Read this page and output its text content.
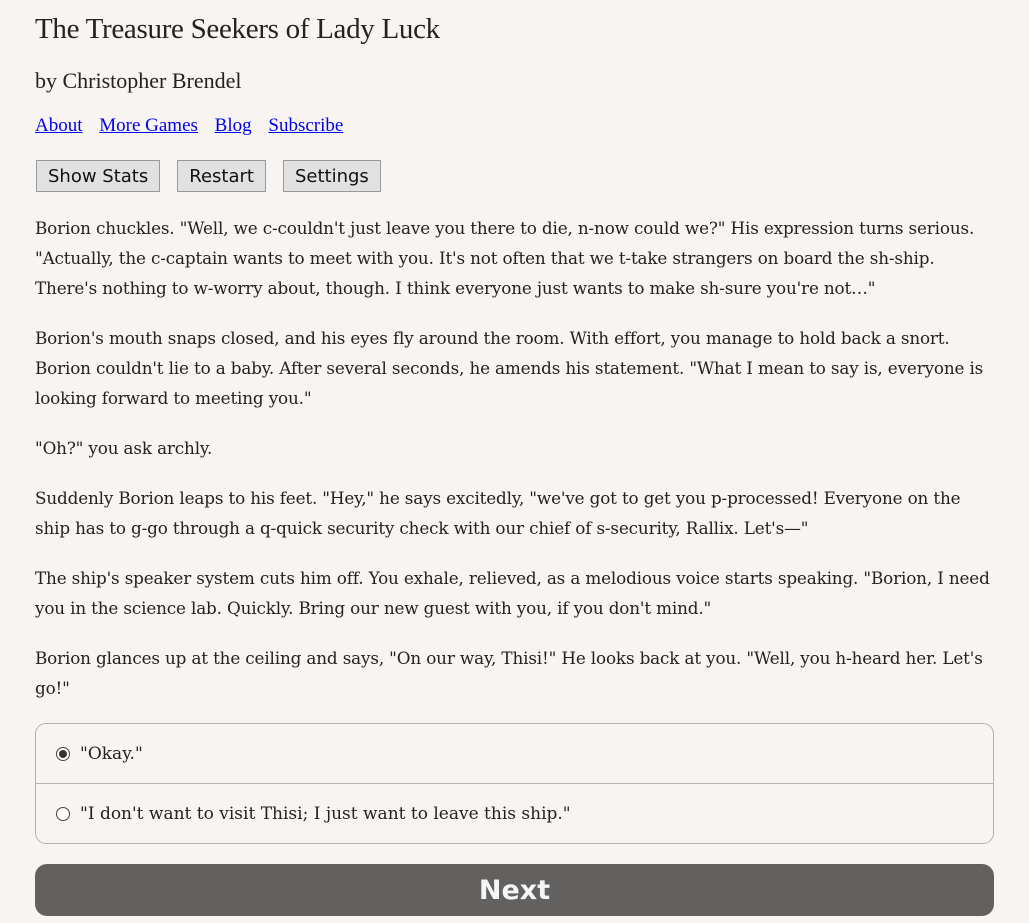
The Treasure Seekers of Lady Luck
by Christopher Brendel
About More Games Blog Subscribe
Show Stats	Restart	Settings

Borion chuckles. "Well, we c-couldn't just leave you there to die, n-now could we?" His expression turns serious. "Actually, the c-captain wants to meet with you. It's not often that we t-take strangers on board the sh-ship. There's nothing to w-worry about, though. I think everyone just wants to make sh-sure you're not…"

Borion's mouth snaps closed, and his eyes fly around the room. With effort, you manage to hold back a snort. Borion couldn't lie to a baby. After several seconds, he amends his statement. "What I mean to say is, everyone is looking forward to meeting you."

"Oh?" you ask archly.

Suddenly Borion leaps to his feet. "Hey," he says excitedly, "we've got to get you p-processed! Everyone on the ship has to g-go through a q-quick security check with our chief of s-security, Rallix. Let's—"

The ship's speaker system cuts him off. You exhale, relieved, as a melodious voice starts speaking. "Borion, I need you in the science lab. Quickly. Bring our new guest with you, if you don't mind."

Borion glances up at the ceiling and says, "On our way, Thisi!" He looks back at you. "Well, you h-heard her. Let's go!"

"Okay."
"I don't want to visit Thisi; I just want to leave this ship."
Next
